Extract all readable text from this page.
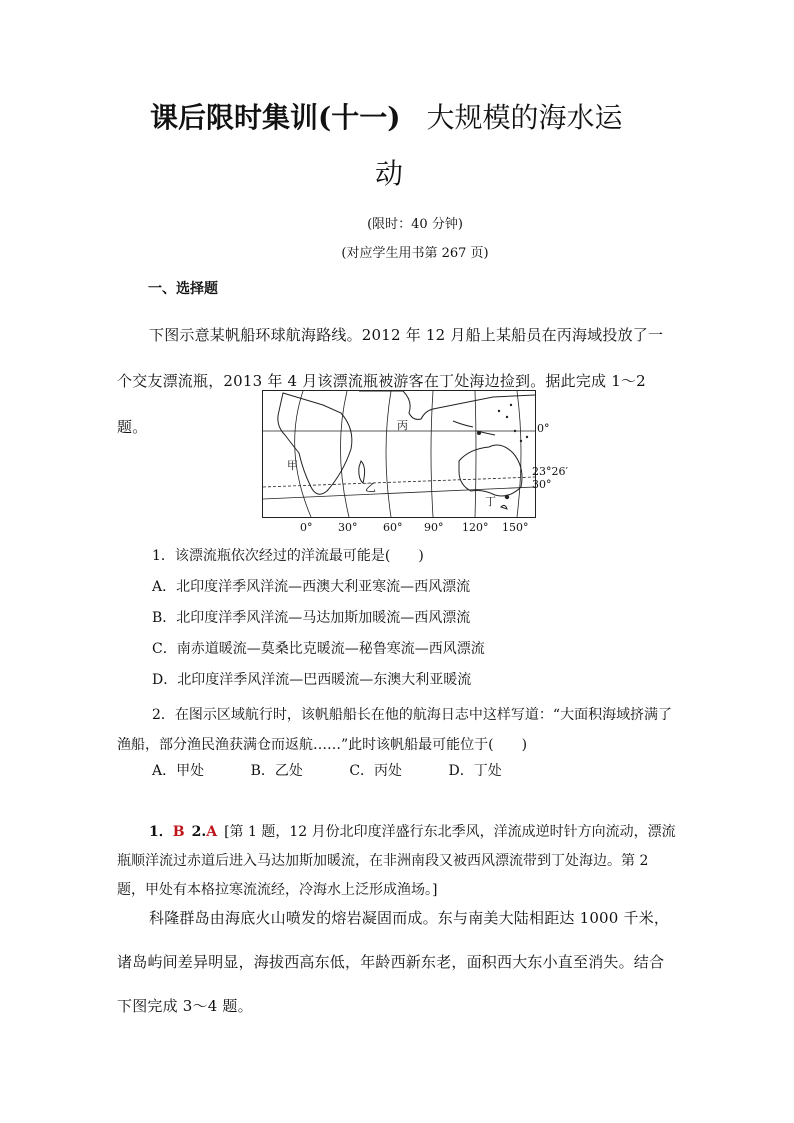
课后限时集训(十一) 大规模的海水运
动
(限时：40 分钟)
(对应学生用书第 267 页)
一、选择题
下图示意某帆船环球航海路线。2012 年 12 月船上某船员在丙海域投放了一个交友漂流瓶，2013 年 4 月该漂流瓶被游客在丁处海边捡到。据此完成 1～2 题。
甲
乙
丙
丁
0°
23°26′
30°
0° 30° 60° 90° 120° 150°
1．该漂流瓶依次经过的洋流最可能是(　　)
A．北印度洋季风洋流—西澳大利亚寒流—西风漂流
B．北印度洋季风洋流—马达加斯加暖流—西风漂流
C．南赤道暖流—莫桑比克暖流—秘鲁寒流—西风漂流
D．北印度洋季风洋流—巴西暖流—东澳大利亚暖流
2．在图示区域航行时，该帆船船长在他的航海日志中这样写道：“大面积海域挤满了渔船，部分渔民渔获满仓而返航……”此时该帆船最可能位于(　　)
A．甲处	B．乙处	C．丙处	D．丁处
1．B  2.A  [第 1 题，12 月份北印度洋盛行东北季风，洋流成逆时针方向流动，漂流瓶顺洋流过赤道后进入马达加斯加暖流，在非洲南段又被西风漂流带到丁处海边。第 2 题，甲处有本格拉寒流流经，冷海水上泛形成渔场。]
科隆群岛由海底火山喷发的熔岩凝固而成。东与南美大陆相距达 1000 千米，诸岛屿间差异明显，海拔西高东低，年龄西新东老，面积西大东小直至消失。结合下图完成 3～4 题。
